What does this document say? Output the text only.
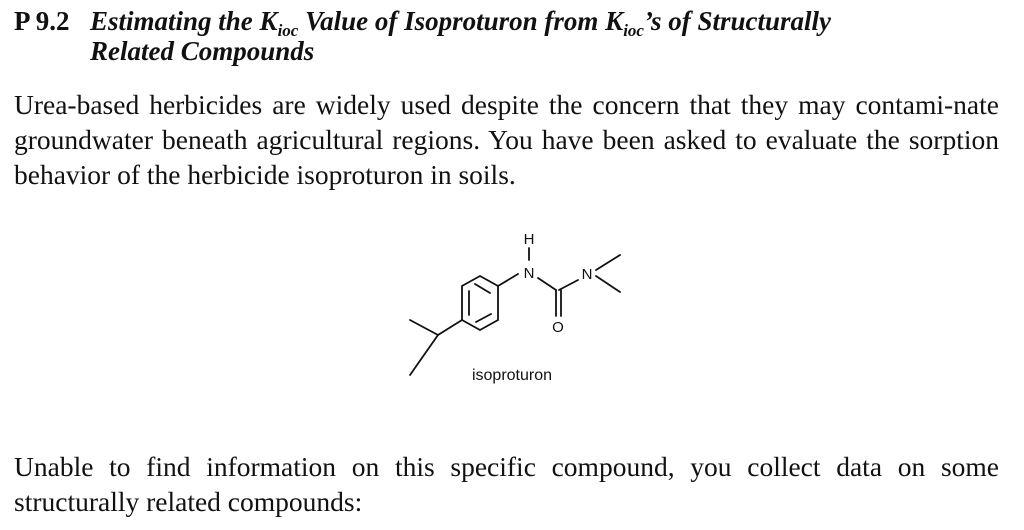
P 9.2 Estimating the $K_{ioc}$ Value of Isoproturon from $K_{ioc}’s$ of Structurally
Related Compounds
Urea-based herbicides are widely used despite the concern that they may contami-nate groundwater beneath agricultural regions. You have been asked to evaluate the sorption behavior of the herbicide isoproturon in soils.
H
N	N
O
isoproturon
Unable to find information on this specific compound, you collect data on some structurally related compounds:
